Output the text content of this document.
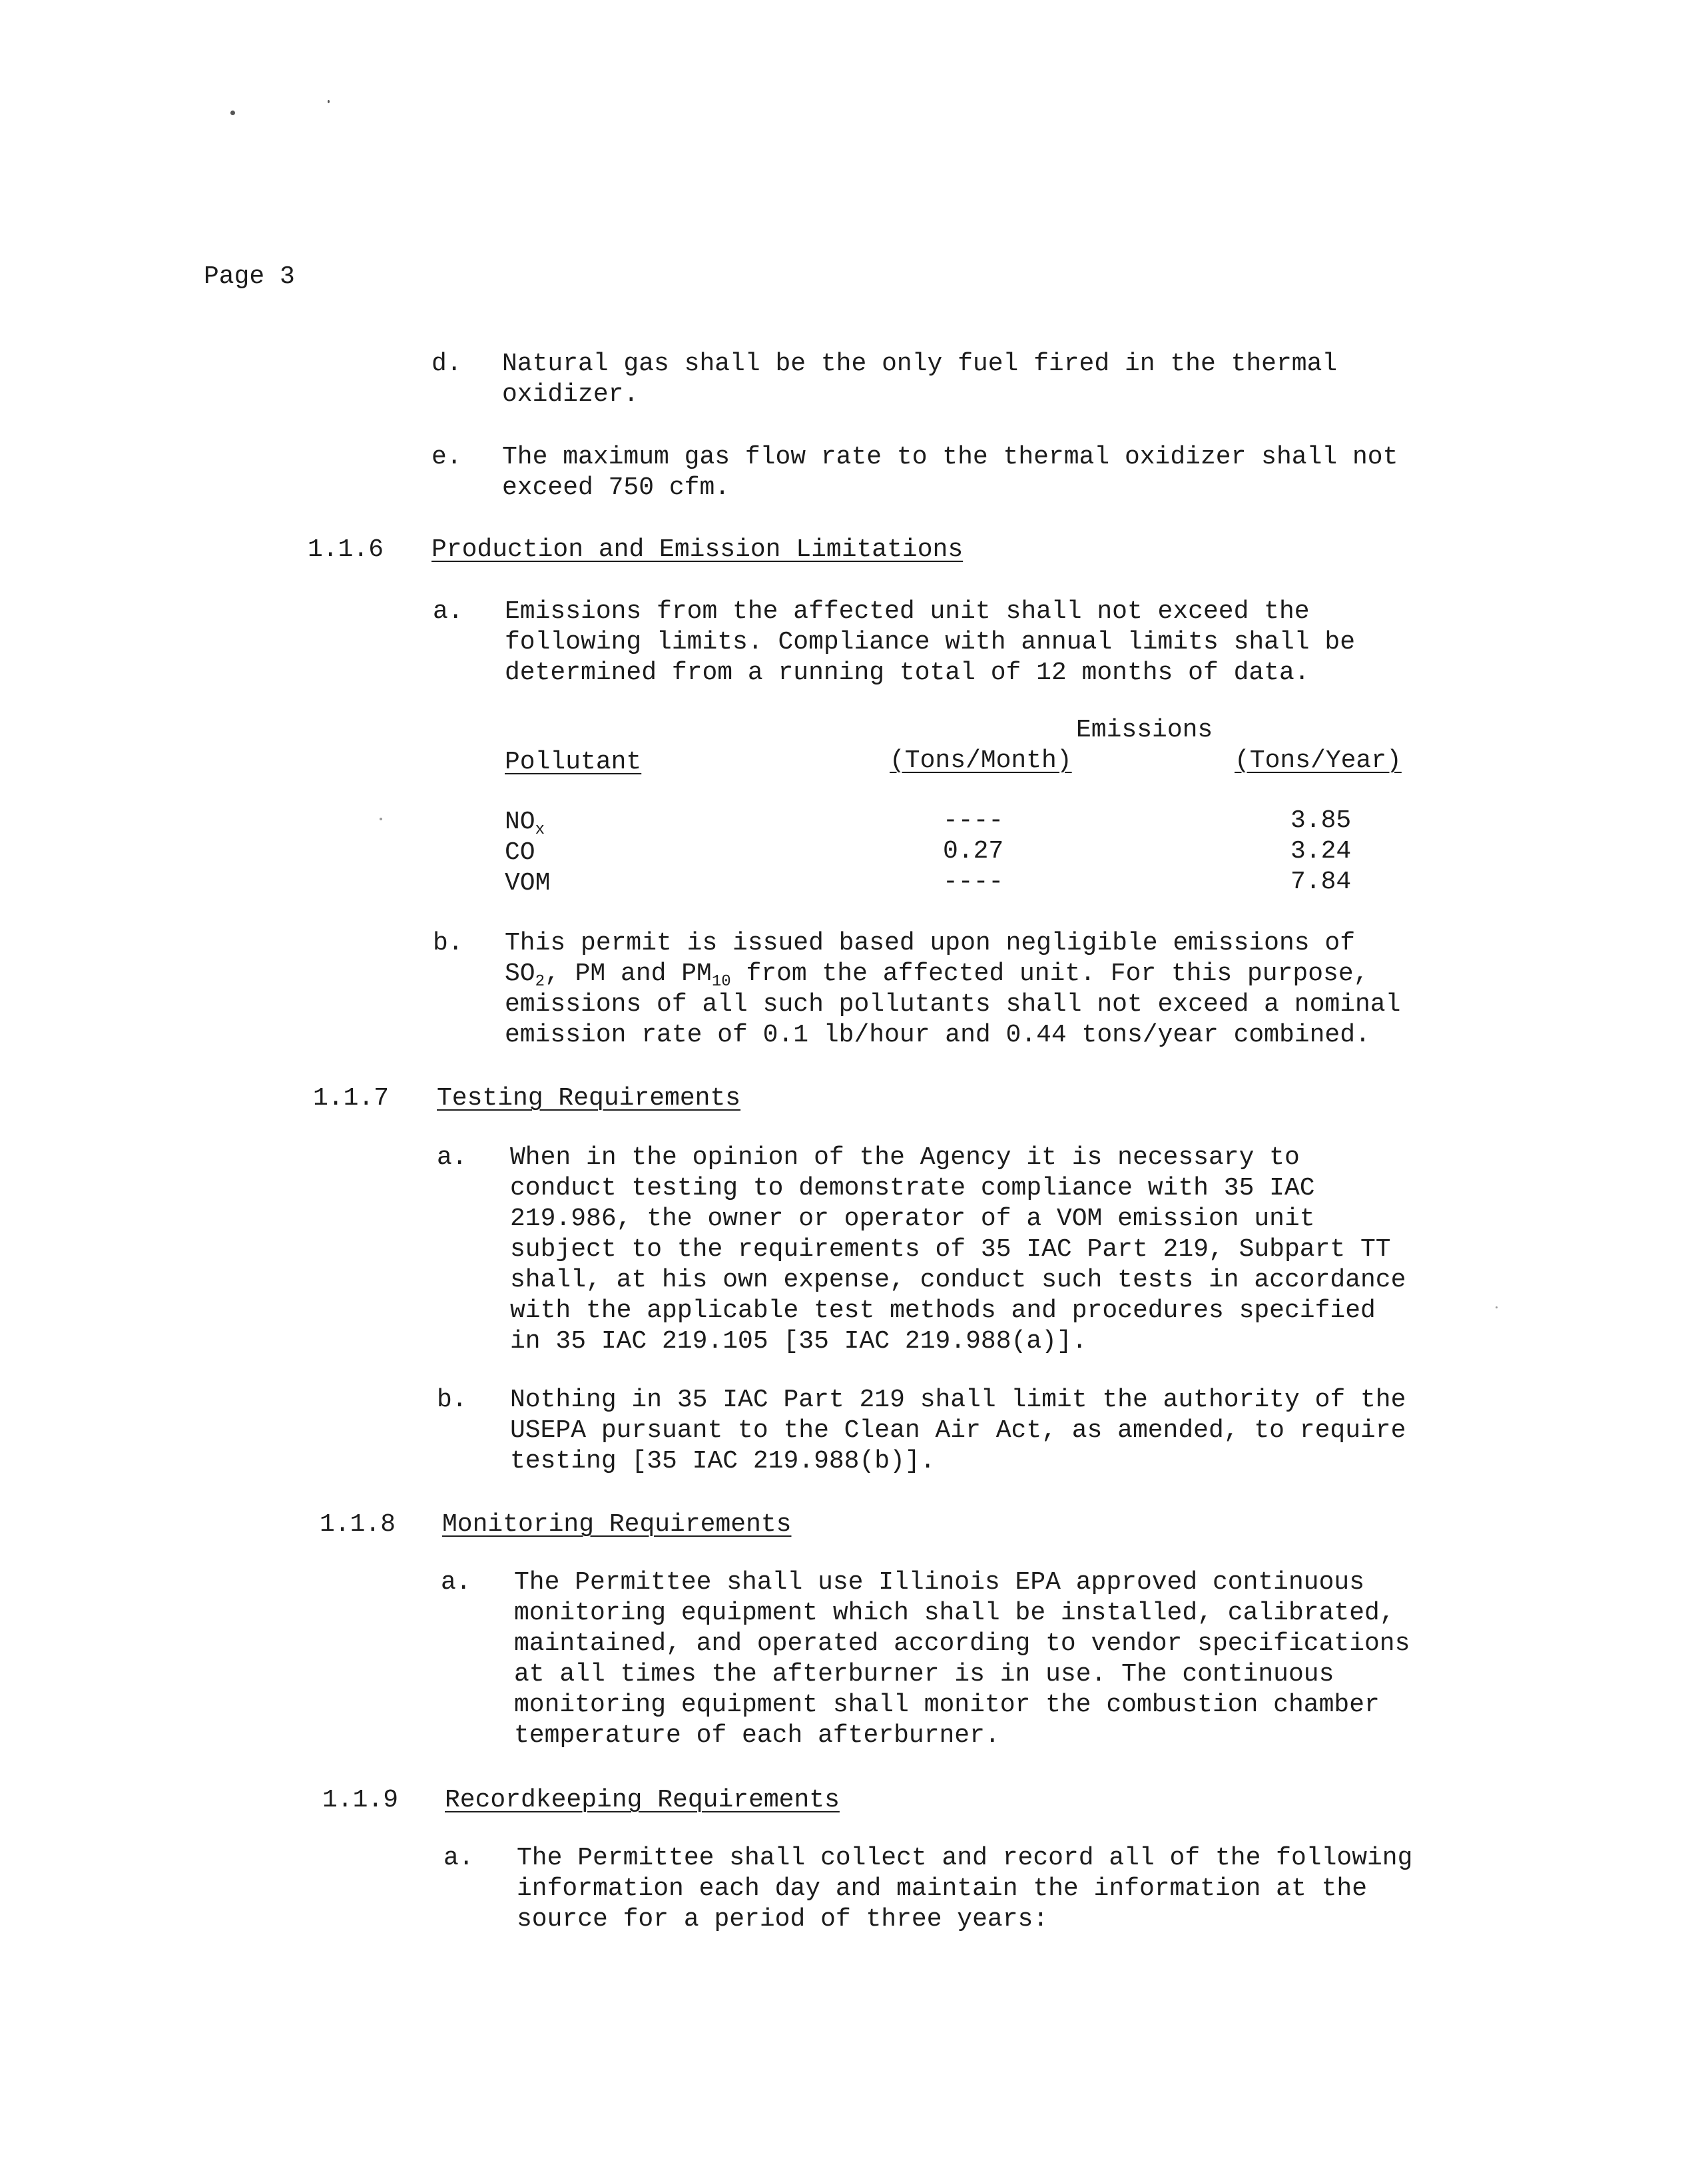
Page 3
d. Natural gas shall be the only fuel fired in the thermal
oxidizer.
e. The maximum gas flow rate to the thermal oxidizer shall not
exceed 750 cfm.
1.1.6 Production and Emission Limitations
a. Emissions from the affected unit shall not exceed the
following limits. Compliance with annual limits shall be
determined from a running total of 12 months of data.
Emissions
Pollutant	(Tons/Month)	(Tons/Year)
$NO_x$	----	3.85
CO	0.27	3.24
VOM	----	7.84
b. This permit is issued based upon negligible emissions of
$SO_2$, PM and $PM_{10}$ from the affected unit. For this purpose,
emissions of all such pollutants shall not exceed a nominal
emission rate of 0.1 lb/hour and 0.44 tons/year combined.
1.1.7 Testing Requirements
a. When in the opinion of the Agency it is necessary to
conduct testing to demonstrate compliance with 35 IAC
219.986, the owner or operator of a VOM emission unit
subject to the requirements of 35 IAC Part 219, Subpart TT
shall, at his own expense, conduct such tests in accordance
with the applicable test methods and procedures specified
in 35 IAC 219.105 [35 IAC 219.988(a)].
b. Nothing in 35 IAC Part 219 shall limit the authority of the
USEPA pursuant to the Clean Air Act, as amended, to require
testing [35 IAC 219.988(b)].
1.1.8 Monitoring Requirements
a. The Permittee shall use Illinois EPA approved continuous
monitoring equipment which shall be installed, calibrated,
maintained, and operated according to vendor specifications
at all times the afterburner is in use. The continuous
monitoring equipment shall monitor the combustion chamber
temperature of each afterburner.
1.1.9 Recordkeeping Requirements
a. The Permittee shall collect and record all of the following
information each day and maintain the information at the
source for a period of three years:
